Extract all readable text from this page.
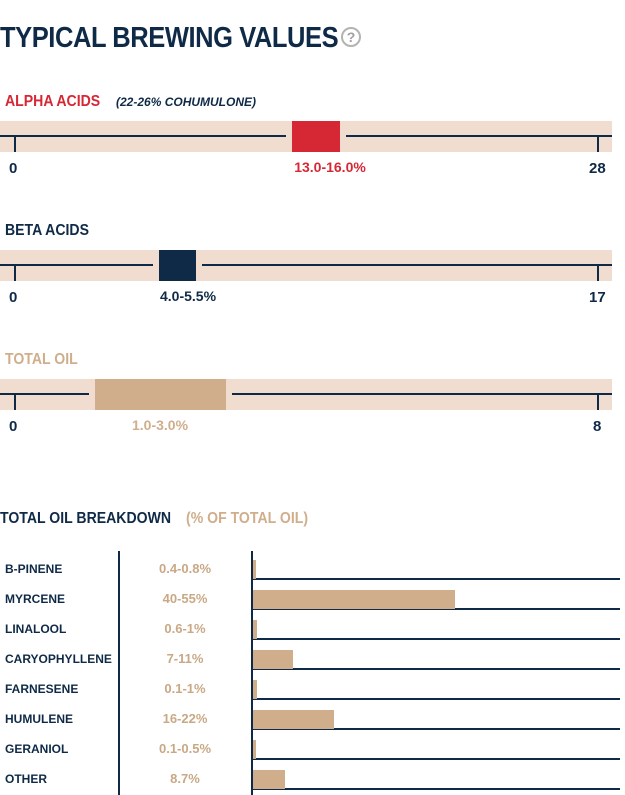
TYPICAL BREWING VALUES ?
ALPHA ACIDS (22-26% COHUMULONE)
0	28
13.0-16.0%
BETA ACIDS
0	17
4.0-5.5%
TOTAL OIL
0	8
1.0-3.0%
TOTAL OIL BREAKDOWN (% OF TOTAL OIL)
B-PINENE	0.4-0.8%
MYRCENE	40-55%
LINALOOL	0.6-1%
CARYOPHYLLENE	7-11%
FARNESENE	0.1-1%
HUMULENE	16-22%
GERANIOL	0.1-0.5%
OTHER	8.7%
